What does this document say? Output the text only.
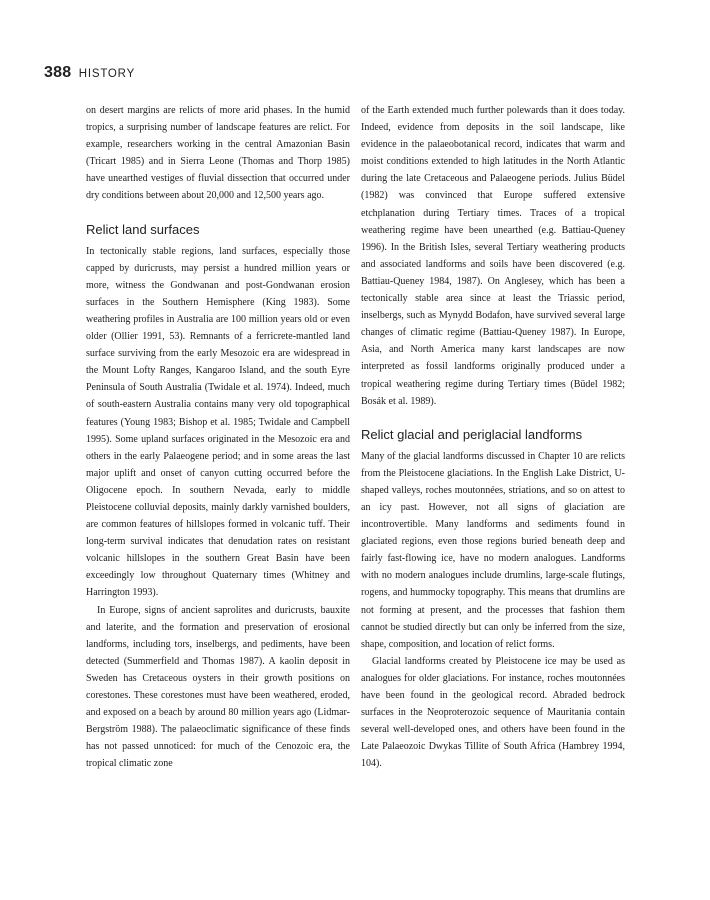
388 HISTORY

on desert margins are relicts of more arid phases. In the humid tropics, a surprising number of landscape features are relict. For example, researchers working in the central Amazonian Basin (Tricart 1985) and in Sierra Leone (Thomas and Thorp 1985) have unearthed vestiges of fluvial dissection that occurred under dry conditions between about 20,000 and 12,500 years ago.

Relict land surfaces

In tectonically stable regions, land surfaces, especially those capped by duricrusts, may persist a hundred million years or more, witness the Gondwanan and post-Gondwanan erosion surfaces in the Southern Hemisphere (King 1983). Some weathering profiles in Australia are 100 million years old or even older (Ollier 1991, 53). Remnants of a ferricrete-mantled land surface surviving from the early Mesozoic era are widespread in the Mount Lofty Ranges, Kangaroo Island, and the south Eyre Peninsula of South Australia (Twidale et al. 1974). Indeed, much of south-eastern Australia contains many very old topographical features (Young 1983; Bishop et al. 1985; Twidale and Campbell 1995). Some upland surfaces originated in the Mesozoic era and others in the early Palaeogene period; and in some areas the last major uplift and onset of canyon cutting occurred before the Oligocene epoch. In southern Nevada, early to middle Pleistocene colluvial deposits, mainly darkly varnished boulders, are common features of hillslopes formed in volcanic tuff. Their long-term survival indicates that denudation rates on resistant volcanic hillslopes in the southern Great Basin have been exceedingly low throughout Quaternary times (Whitney and Harrington 1993).

In Europe, signs of ancient saprolites and duricrusts, bauxite and laterite, and the formation and preservation of erosional landforms, including tors, inselbergs, and pediments, have been detected (Summerfield and Thomas 1987). A kaolin deposit in Sweden has Cretaceous oysters in their growth positions on corestones. These corestones must have been weathered, eroded, and exposed on a beach by around 80 million years ago (Lidmar-Bergström 1988). The palaeoclimatic significance of these finds has not passed unnoticed: for much of the Cenozoic era, the tropical climatic zone

of the Earth extended much further polewards than it does today. Indeed, evidence from deposits in the soil landscape, like evidence in the palaeobotanical record, indicates that warm and moist conditions extended to high latitudes in the North Atlantic during the late Cretaceous and Palaeogene periods. Julius Büdel (1982) was convinced that Europe suffered extensive etchplanation during Tertiary times. Traces of a tropical weathering regime have been unearthed (e.g. Battiau-Queney 1996). In the British Isles, several Tertiary weathering products and associated landforms and soils have been discovered (e.g. Battiau-Queney 1984, 1987). On Anglesey, which has been a tectonically stable area since at least the Triassic period, inselbergs, such as Mynydd Bodafon, have survived several large changes of climatic regime (Battiau-Queney 1987). In Europe, Asia, and North America many karst landscapes are now interpreted as fossil landforms originally produced under a tropical weathering regime during Tertiary times (Büdel 1982; Bosák et al. 1989).

Relict glacial and periglacial landforms

Many of the glacial landforms discussed in Chapter 10 are relicts from the Pleistocene glaciations. In the English Lake District, U-shaped valleys, roches moutonnées, striations, and so on attest to an icy past. However, not all signs of glaciation are incontrovertible. Many landforms and sediments found in glaciated regions, even those regions buried beneath deep and fairly fast-flowing ice, have no modern analogues. Landforms with no modern analogues include drumlins, large-scale flutings, rogens, and hummocky topography. This means that drumlins are not forming at present, and the processes that fashion them cannot be studied directly but can only be inferred from the size, shape, composition, and location of relict forms.

Glacial landforms created by Pleistocene ice may be used as analogues for older glaciations. For instance, roches moutonnées have been found in the geological record. Abraded bedrock surfaces in the Neoproterozoic sequence of Mauritania contain several well-developed ones, and others have been found in the Late Palaeozoic Dwykas Tillite of South Africa (Hambrey 1994, 104).
